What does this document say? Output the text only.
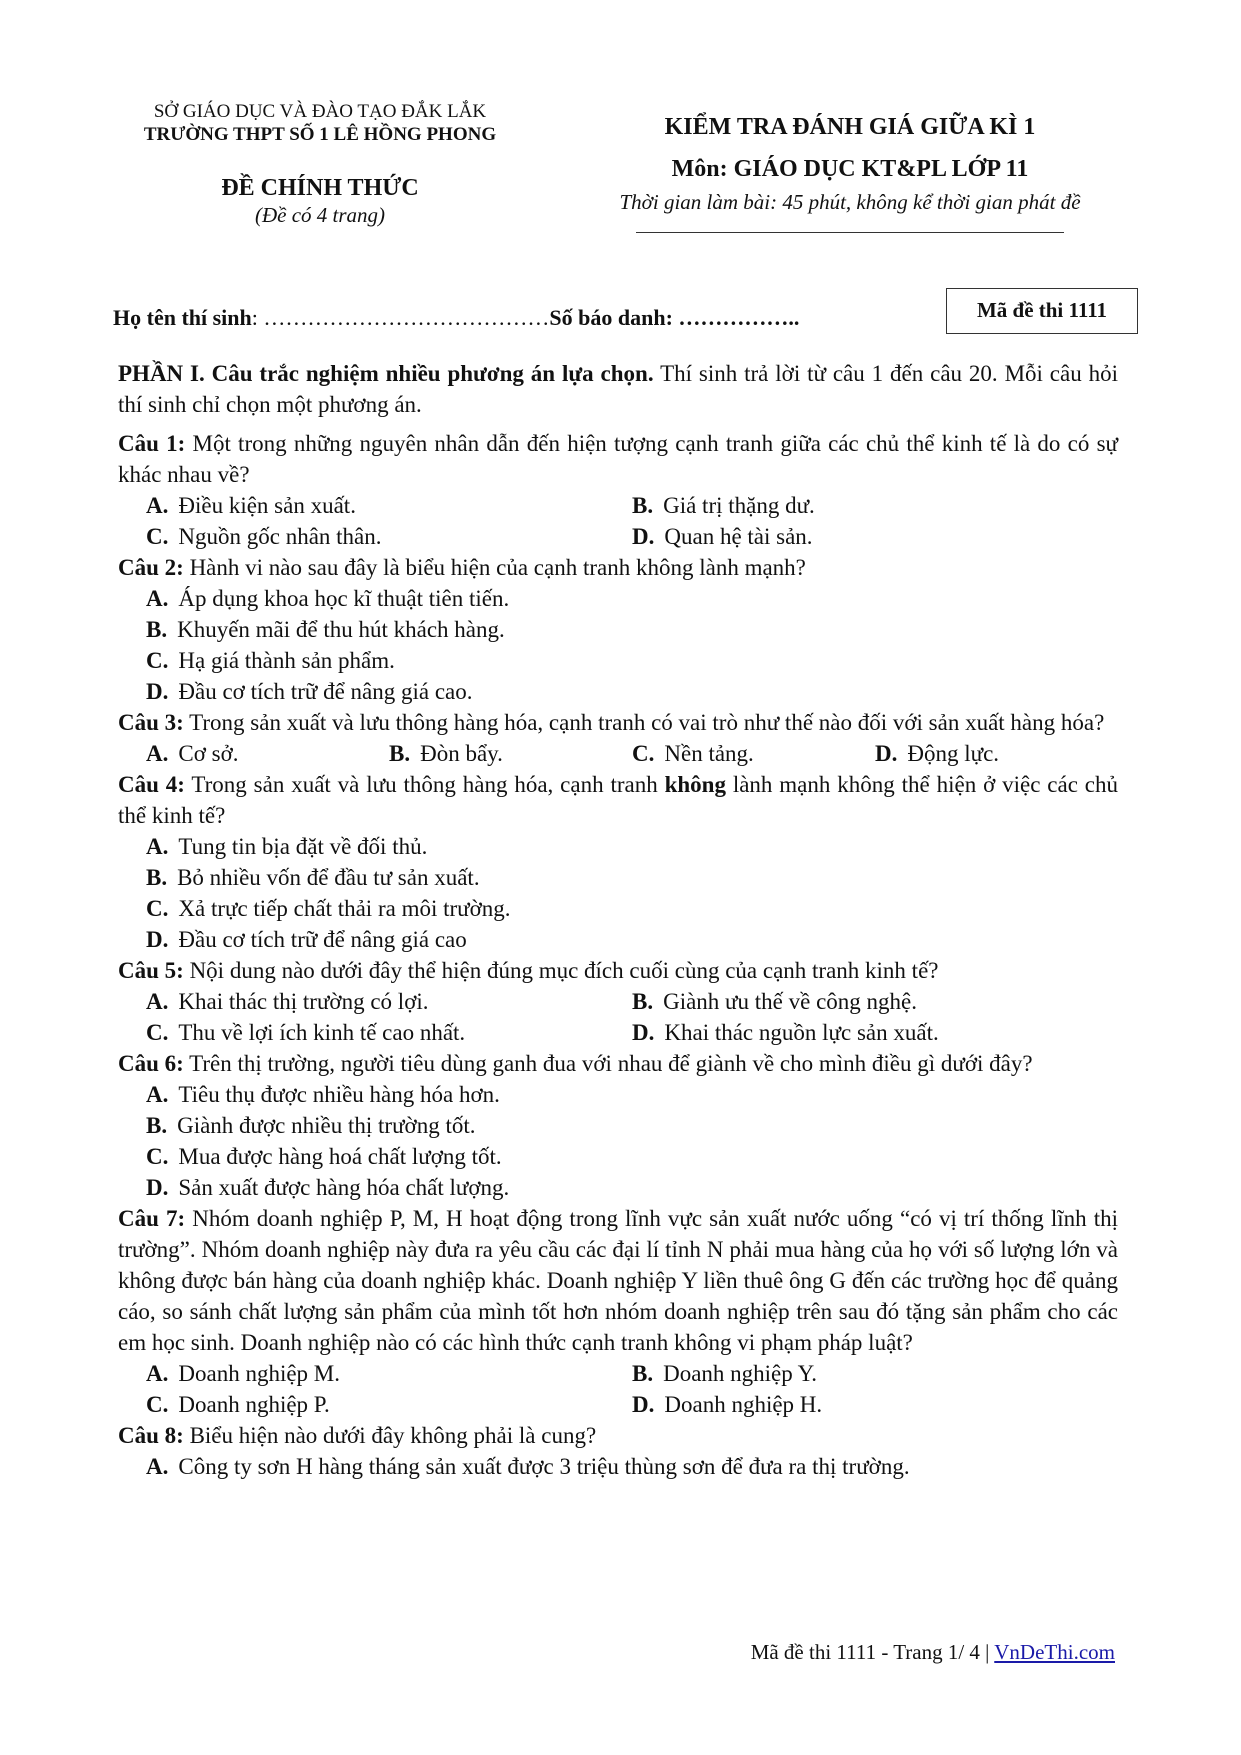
SỞ GIÁO DỤC VÀ ĐÀO TẠO ĐẮK LẮK
TRƯỜNG THPT SỐ 1 LÊ HỒNG PHONG
ĐỀ CHÍNH THỨC
(Đề có 4 trang)
KIỂM TRA ĐÁNH GIÁ GIỮA KÌ 1
Môn: GIÁO DỤC KT&PL LỚP 11
Thời gian làm bài: 45 phút, không kể thời gian phát đề
Họ tên thí sinh: …………………………………Số báo danh: ……………..	Mã đề thi 1111

PHẦN I. Câu trắc nghiệm nhiều phương án lựa chọn. Thí sinh trả lời từ câu 1 đến câu 20. Mỗi câu hỏi thí sinh chỉ chọn một phương án.

Câu 1: Một trong những nguyên nhân dẫn đến hiện tượng cạnh tranh giữa các chủ thể kinh tế là do có sự khác nhau về?

A. Điều kiện sản xuất.	B. Giá trị thặng dư.
C. Nguồn gốc nhân thân.	D. Quan hệ tài sản.

Câu 2: Hành vi nào sau đây là biểu hiện của cạnh tranh không lành mạnh?

A. Áp dụng khoa học kĩ thuật tiên tiến.
B. Khuyến mãi để thu hút khách hàng.
C. Hạ giá thành sản phẩm.
D. Đầu cơ tích trữ để nâng giá cao.

Câu 3: Trong sản xuất và lưu thông hàng hóa, cạnh tranh có vai trò như thế nào đối với sản xuất hàng hóa?

A. Cơ sở.	B. Đòn bẩy.	C. Nền tảng.	D. Động lực.

Câu 4: Trong sản xuất và lưu thông hàng hóa, cạnh tranh không lành mạnh không thể hiện ở việc các chủ thể kinh tế?

A. Tung tin bịa đặt về đối thủ.
B. Bỏ nhiều vốn để đầu tư sản xuất.
C. Xả trực tiếp chất thải ra môi trường.
D. Đầu cơ tích trữ để nâng giá cao

Câu 5: Nội dung nào dưới đây thể hiện đúng mục đích cuối cùng của cạnh tranh kinh tế?

A. Khai thác thị trường có lợi.	B. Giành ưu thế về công nghệ.
C. Thu về lợi ích kinh tế cao nhất.	D. Khai thác nguồn lực sản xuất.

Câu 6: Trên thị trường, người tiêu dùng ganh đua với nhau để giành về cho mình điều gì dưới đây?

A. Tiêu thụ được nhiều hàng hóa hơn.
B. Giành được nhiều thị trường tốt.
C. Mua được hàng hoá chất lượng tốt.
D. Sản xuất được hàng hóa chất lượng.

Câu 7: Nhóm doanh nghiệp P, M, H hoạt động trong lĩnh vực sản xuất nước uống “có vị trí thống lĩnh thị trường”. Nhóm doanh nghiệp này đưa ra yêu cầu các đại lí tỉnh N phải mua hàng của họ với số lượng lớn và không được bán hàng của doanh nghiệp khác. Doanh nghiệp Y liền thuê ông G đến các trường học để quảng cáo, so sánh chất lượng sản phẩm của mình tốt hơn nhóm doanh nghiệp trên sau đó tặng sản phẩm cho các em học sinh. Doanh nghiệp nào có các hình thức cạnh tranh không vi phạm pháp luật?

A. Doanh nghiệp M.	B. Doanh nghiệp Y.
C. Doanh nghiệp P.	D. Doanh nghiệp H.

Câu 8: Biểu hiện nào dưới đây không phải là cung?

A. Công ty sơn H hàng tháng sản xuất được 3 triệu thùng sơn để đưa ra thị trường.
Mã đề thi 1111 - Trang 1/ 4 | VnDeThi.com
